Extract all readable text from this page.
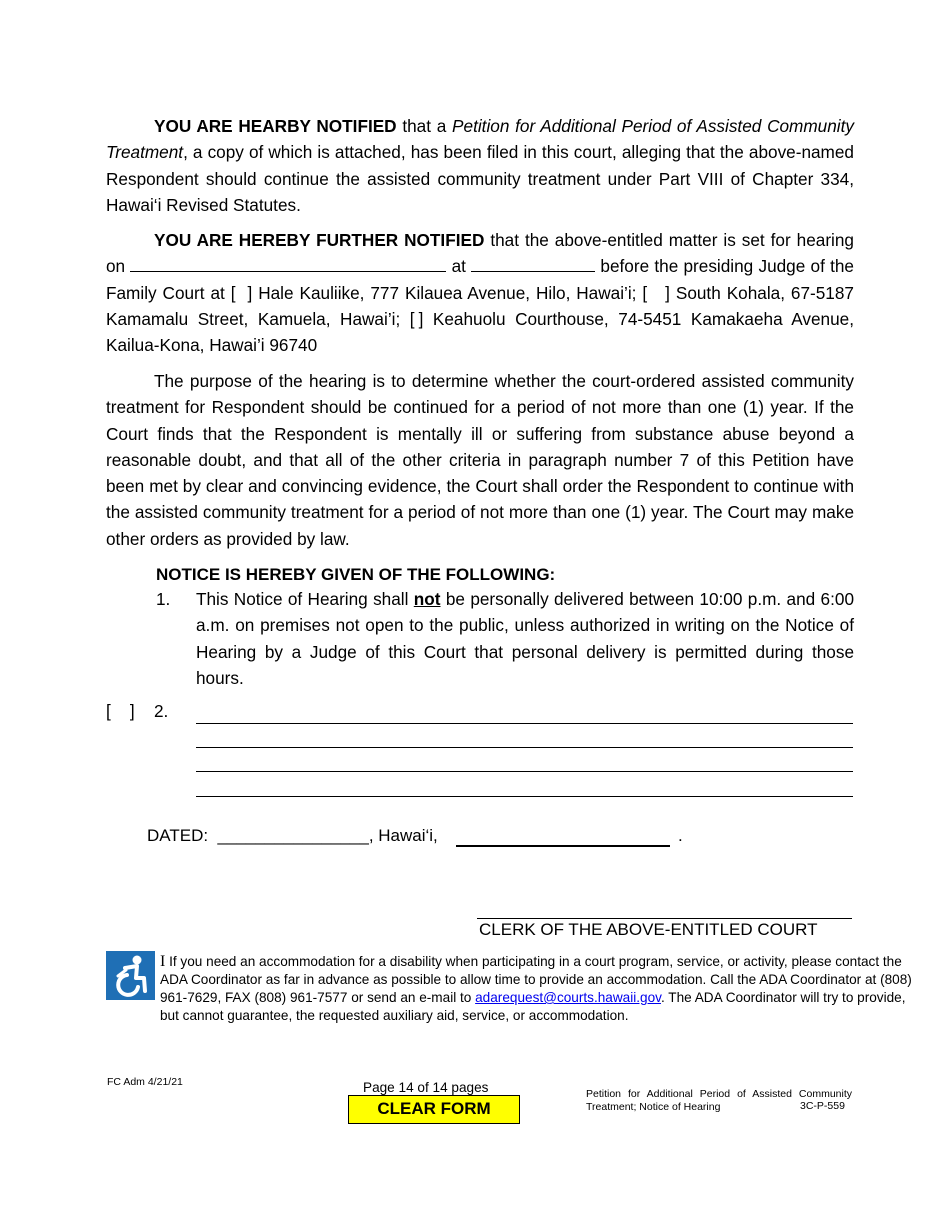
YOU ARE HEARBY NOTIFIED that a Petition for Additional Period of Assisted Community Treatment, a copy of which is attached, has been filed in this court, alleging that the above-named Respondent should continue the assisted community treatment under Part VIII of Chapter 334, Hawai‘i Revised Statutes.
YOU ARE HEREBY FURTHER NOTIFIED that the above-entitled matter is set for hearing on	at	before the presiding Judge of the Family Court at [ ] Hale Kauliike, 777 Kilauea Avenue, Hilo, Hawai’i; [ ] South Kohala, 67-5187 Kamamalu Street, Kamuela, Hawai’i; [ ] Keahuolu Courthouse, 74-5451 Kamakaeha Avenue, Kailua-Kona, Hawai’i 96740
The purpose of the hearing is to determine whether the court-ordered assisted community treatment for Respondent should be continued for a period of not more than one (1) year. If the Court finds that the Respondent is mentally ill or suffering from substance abuse beyond a reasonable doubt, and that all of the other criteria in paragraph number 7 of this Petition have been met by clear and convincing evidence, the Court shall order the Respondent to continue with the assisted community treatment for a period of not more than one (1) year. The Court may make other orders as provided by law.
NOTICE IS HEREBY GIVEN OF THE FOLLOWING:
1. This Notice of Hearing shall not be personally delivered between 10:00 p.m. and 6:00 a.m. on premises not open to the public, unless authorized in writing on the Notice of Hearing by a Judge of this Court that personal delivery is permitted during those hours.
[    ] 2.
DATED: ________________, Hawai‘i,	.
CLERK OF THE ABOVE-ENTITLED COURT
I If you need an accommodation for a disability when participating in a court program, service, or activity, please contact the ADA Coordinator as far in advance as possible to allow time to provide an accommodation. Call the ADA Coordinator at (808) 961-7629, FAX (808) 961-7577 or send an e-mail to adarequest@courts.hawaii.gov. The ADA Coordinator will try to provide, but cannot guarantee, the requested auxiliary aid, service, or accommodation.
FC Adm 4/21/21	Page 14 of 14 pages
CLEAR FORM
Petition for Additional Period of Assisted Community Treatment; Notice of Hearing	3C-P-559
